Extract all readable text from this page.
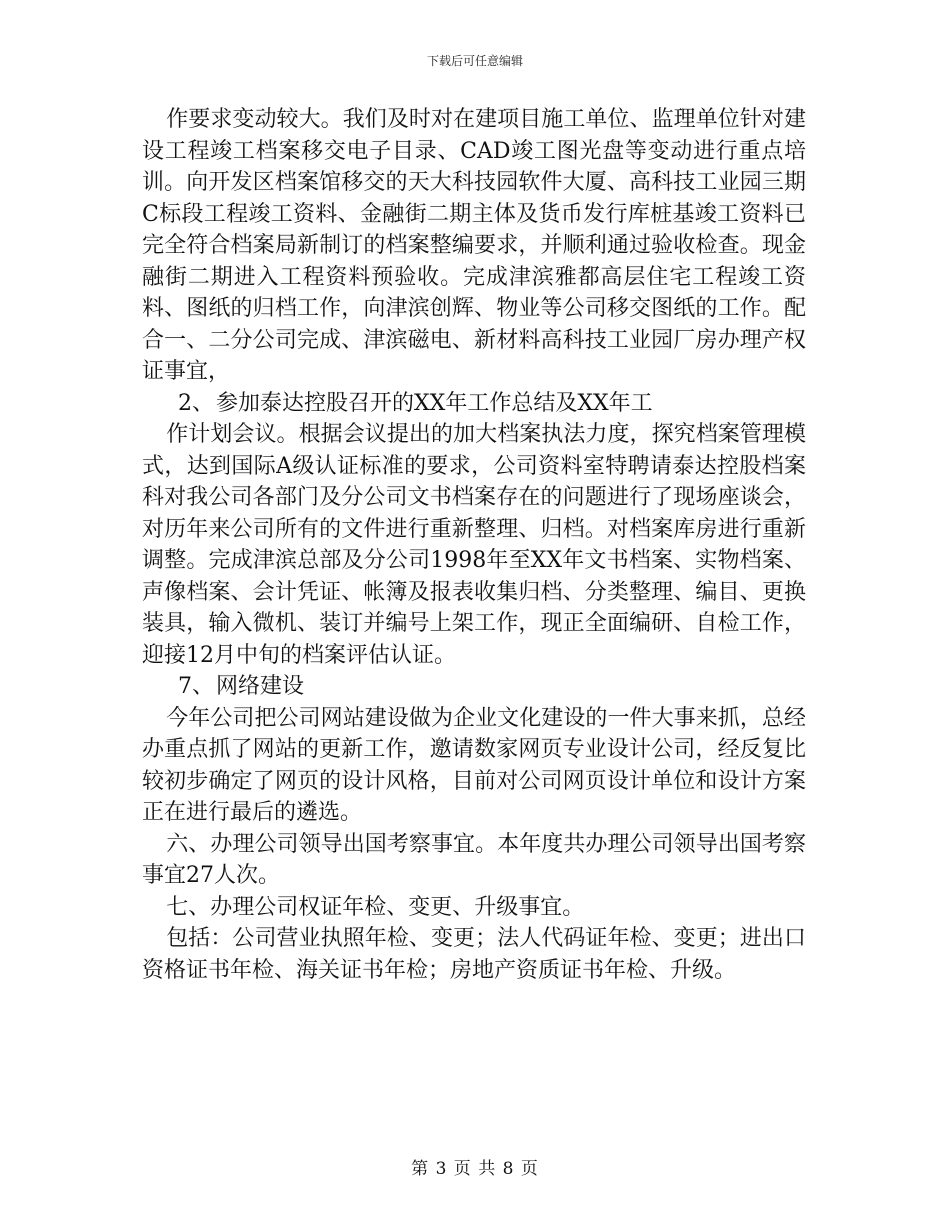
下载后可任意编辑

作要求变动较大。我们及时对在建项目施工单位、监理单位针对建设工程竣工档案移交电子目录、CAD竣工图光盘等变动进行重点培训。向开发区档案馆移交的天大科技园软件大厦、高科技工业园三期C标段工程竣工资料、金融街二期主体及货币发行库桩基竣工资料已完全符合档案局新制订的档案整编要求，并顺利通过验收检查。现金融街二期进入工程资料预验收。完成津滨雅都高层住宅工程竣工资料、图纸的归档工作，向津滨创辉、物业等公司移交图纸的工作。配合一、二分公司完成、津滨磁电、新材料高科技工业园厂房办理产权证事宜，

2、参加泰达控股召开的XX年工作总结及XX年工

作计划会议。根据会议提出的加大档案执法力度，探究档案管理模式，达到国际A级认证标准的要求，公司资料室特聘请泰达控股档案科对我公司各部门及分公司文书档案存在的问题进行了现场座谈会，对历年来公司所有的文件进行重新整理、归档。对档案库房进行重新调整。完成津滨总部及分公司1998年至XX年文书档案、实物档案、声像档案、会计凭证、帐簿及报表收集归档、分类整理、编目、更换装具，输入微机、装订并编号上架工作，现正全面编研、自检工作，迎接12月中旬的档案评估认证。

7、网络建设

今年公司把公司网站建设做为企业文化建设的一件大事来抓，总经办重点抓了网站的更新工作，邀请数家网页专业设计公司，经反复比较初步确定了网页的设计风格，目前对公司网页设计单位和设计方案正在进行最后的遴选。

六、办理公司领导出国考察事宜。本年度共办理公司领导出国考察事宜27人次。

七、办理公司权证年检、变更、升级事宜。

包括：公司营业执照年检、变更；法人代码证年检、变更；进出口资格证书年检、海关证书年检；房地产资质证书年检、升级。

第 3 页 共 8 页
